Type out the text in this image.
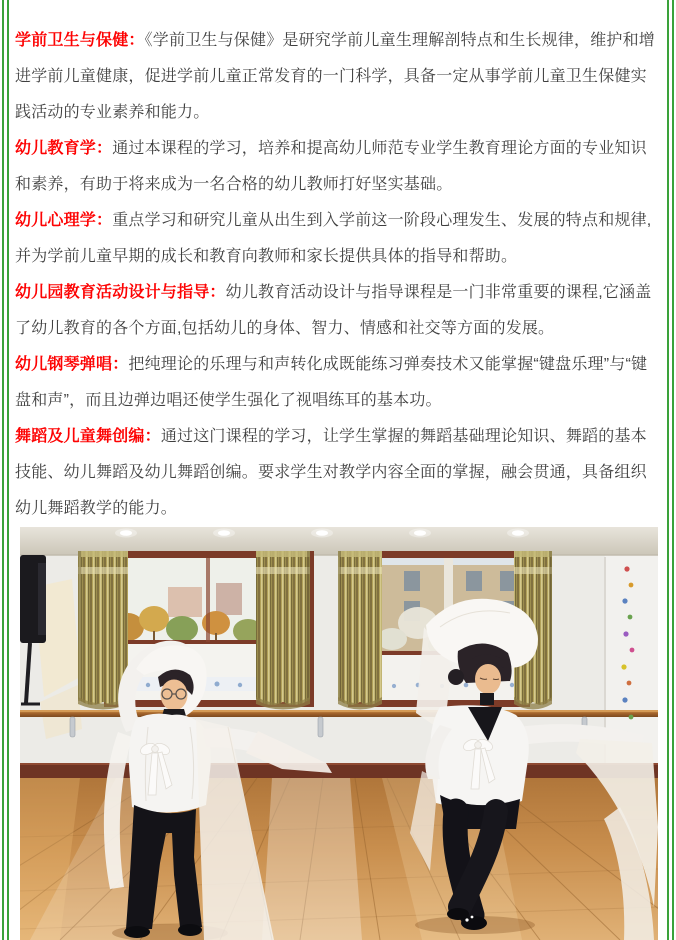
学前卫生与保健：《学前卫生与保健》是研究学前儿童生理解剖特点和生长规律，维护和增进学前儿童健康，促进学前儿童正常发育的一门科学，具备一定从事学前儿童卫生保健实践活动的专业素养和能力。

幼儿教育学：通过本课程的学习，培养和提高幼儿师范专业学生教育理论方面的专业知识和素养，有助于将来成为一名合格的幼儿教师打好坚实基础。

幼儿心理学：重点学习和研究儿童从出生到入学前这一阶段心理发生、发展的特点和规律,并为学前儿童早期的成长和教育向教师和家长提供具体的指导和帮助。

幼儿园教育活动设计与指导：幼儿教育活动设计与指导课程是一门非常重要的课程,它涵盖了幼儿教育的各个方面,包括幼儿的身体、智力、情感和社交等方面的发展。

幼儿钢琴弹唱：把纯理论的乐理与和声转化成既能练习弹奏技术又能掌握“键盘乐理”与“键盘和声”，而且边弹边唱还使学生强化了视唱练耳的基本功。

舞蹈及儿童舞创编：通过这门课程的学习，让学生掌握的舞蹈基础理论知识、舞蹈的基本技能、幼儿舞蹈及幼儿舞蹈创编。要求学生对教学内容全面的掌握，融会贯通，具备组织幼儿舞蹈教学的能力。
